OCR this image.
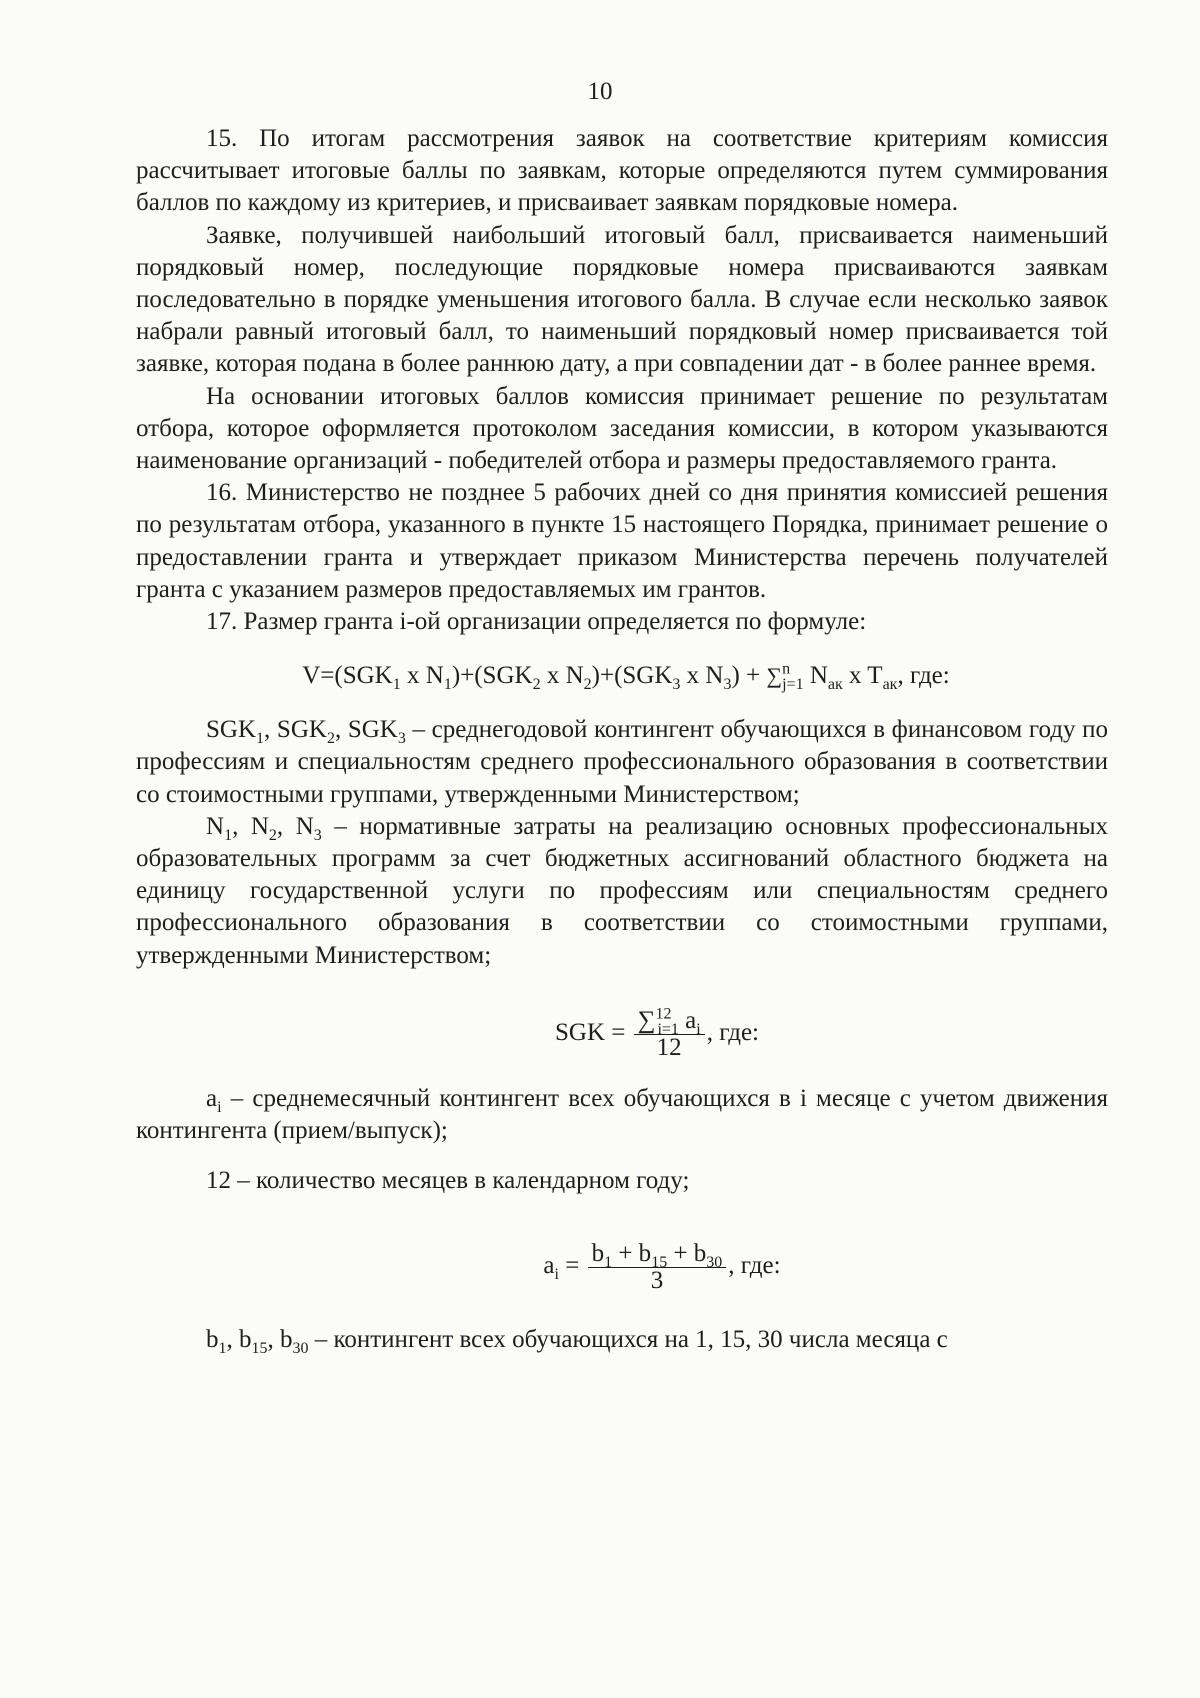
10

15. По итогам рассмотрения заявок на соответствие критериям комиссия рассчитывает итоговые баллы по заявкам, которые определяются путем суммирования баллов по каждому из критериев, и присваивает заявкам порядковые номера.

Заявке, получившей наибольший итоговый балл, присваивается наименьший порядковый номер, последующие порядковые номера присваиваются заявкам последовательно в порядке уменьшения итогового балла. В случае если несколько заявок набрали равный итоговый балл, то наименьший порядковый номер присваивается той заявке, которая подана в более раннюю дату, а при совпадении дат - в более раннее время.

На основании итоговых баллов комиссия принимает решение по результатам отбора, которое оформляется протоколом заседания комиссии, в котором указываются наименование организаций - победителей отбора и размеры предоставляемого гранта.

16. Министерство не позднее 5 рабочих дней со дня принятия комиссией решения по результатам отбора, указанного в пункте 15 настоящего Порядка, принимает решение о предоставлении гранта и утверждает приказом Министерства перечень получателей гранта с указанием размеров предоставляемых им грантов.

17. Размер гранта i-ой организации определяется по формуле:

$V=(SGK_1$ x $N_1)+(SGK_2$ x $N_2)+(SGK_3$ x $N_3) + \sum^n_{j=1}$ $N_{ак}$ x $T_{ак}$, где:

$SGK_1$, $SGK_2$, $SGK_3$ – среднегодовой контингент обучающихся в финансовом году по профессиям и специальностям среднего профессионального образования в соответствии со стоимостными группами, утвержденными Министерством;

$N_1$, $N_2$, $N_3$ – нормативные затраты на реализацию основных профессиональных образовательных программ за счет бюджетных ассигнований областного бюджета на единицу государственной услуги по профессиям или специальностям среднего профессионального образования в соответствии со стоимостными группами, утвержденными Министерством;

SGK = $\frac{\sum^{12}_{i=1} a_i}{12}$ , где:

$a_i$ – среднемесячный контингент всех обучающихся в i месяце с учетом движения контингента (прием/выпуск);

12 – количество месяцев в календарном году;

$a_i = \frac{b_1 + b_{15} + b_{30}}{3}$ , где:

$b_1$, $b_{15}$, $b_{30}$ – контингент всех обучающихся на 1, 15, 30 числа месяца с
